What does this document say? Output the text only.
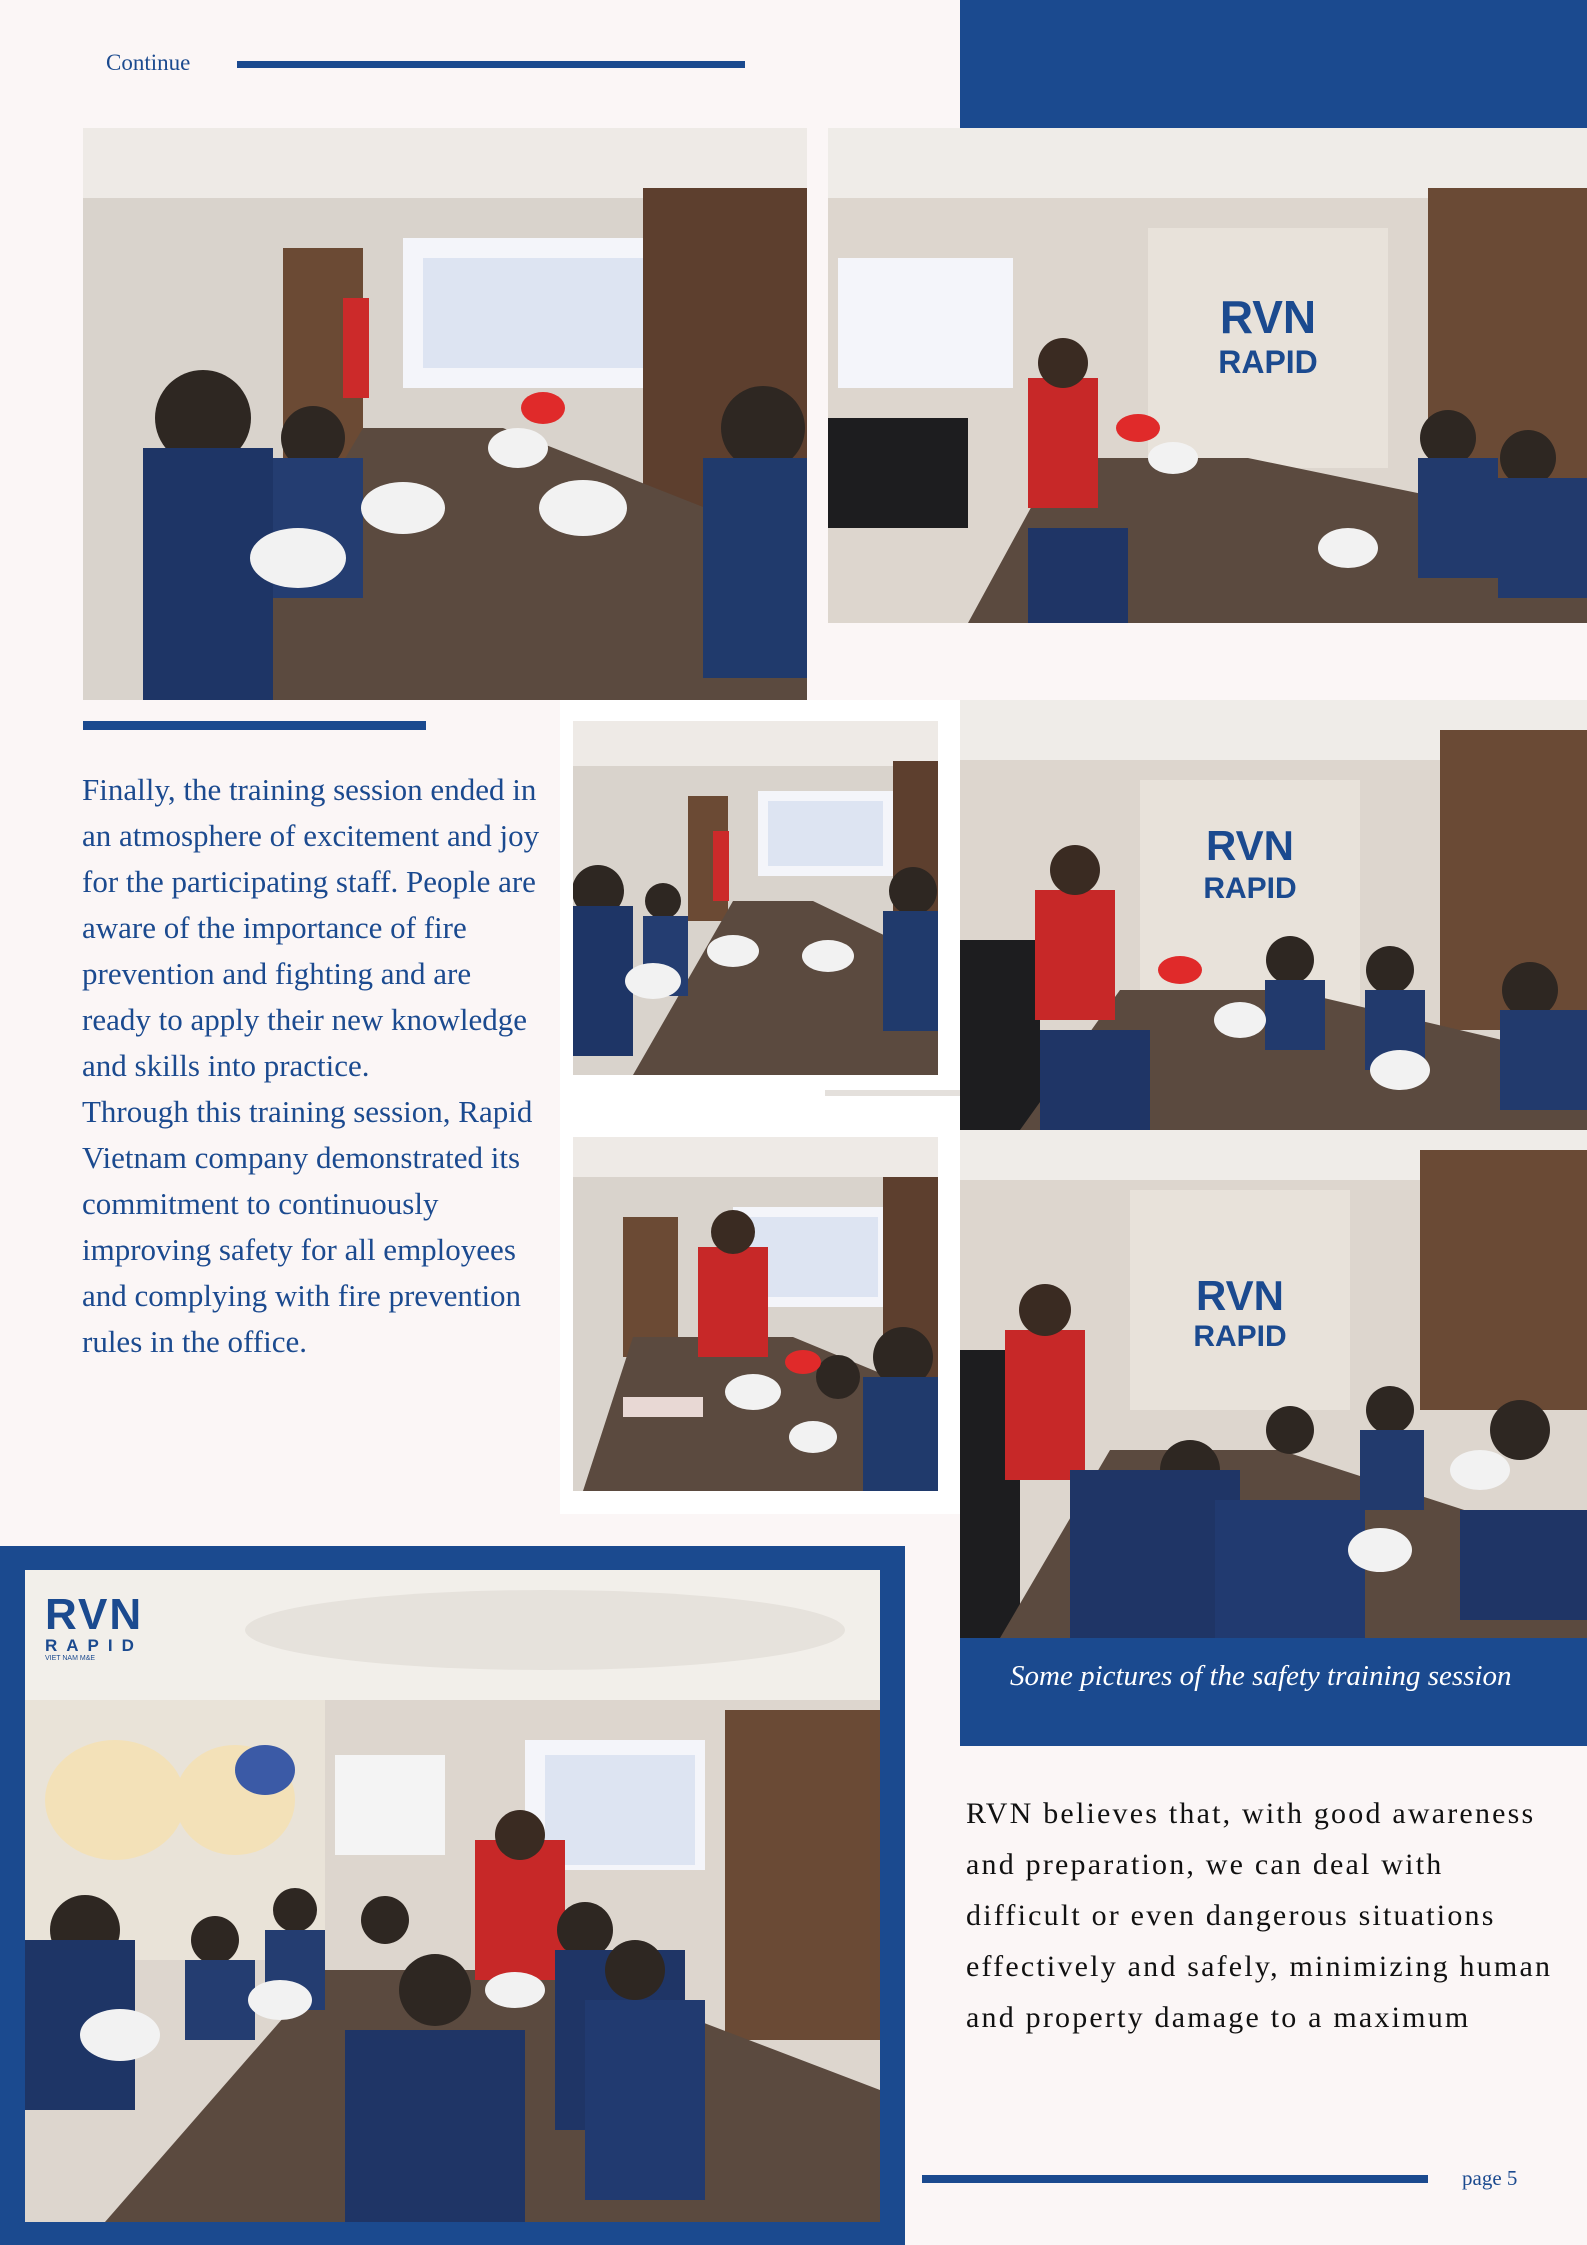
Continue
RVN
RAPID
RVN
RAPID
RVN
RAPID

Finally, the training session ended in an atmosphere of excitement and joy for the participating staff. People are aware of the importance of fire prevention and fighting and are ready to apply their new knowledge and skills into practice.

Through this training session, Rapid Vietnam company demonstrated its commitment to continuously improving safety for all employees and complying with fire prevention rules in the office.

RVN
RAPID
VIET NAM M&E
Some pictures of the safety training session
RVN believes that, with good awareness and preparation, we can deal with difficult or even dangerous situations effectively and safely, minimizing human and property damage to a maximum
page 5
